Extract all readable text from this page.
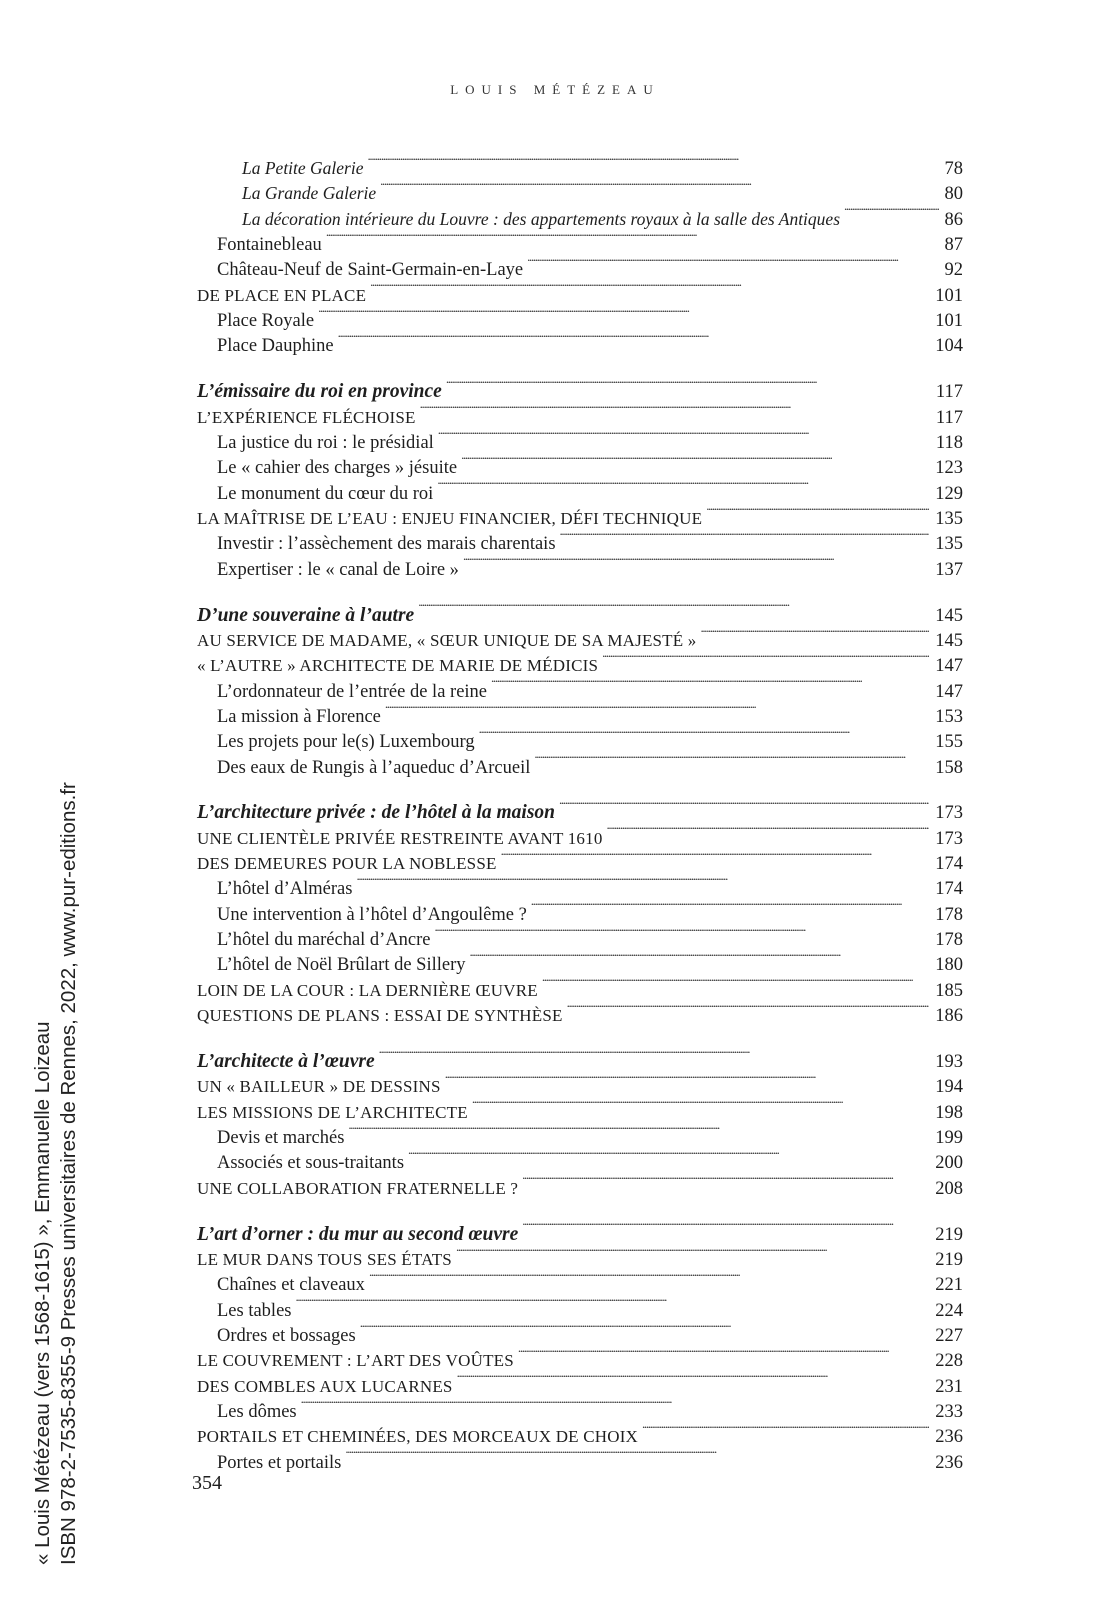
LOUIS MÉTÉZEAU
La Petite Galerie . . .	78
La Grande Galerie . . .	80
La décoration intérieure du Louvre : des appartements royaux à la salle des Antiques . . .	86
Fontainebleau . . .	87
Château-Neuf de Saint-Germain-en-Laye . . .	92
DE PLACE EN PLACE . . .	101
Place Royale . . .	101
Place Dauphine . . .	104
L’émissaire du roi en province . . .	117
L’EXPÉRIENCE FLÉCHOISE . . .	117
La justice du roi : le présidial . . .	118
Le « cahier des charges » jésuite . . .	123
Le monument du cœur du roi . . .	129
LA MAÎTRISE DE L’EAU : ENJEU FINANCIER, DÉFI TECHNIQUE . . .	135
Investir : l’assèchement des marais charentais . . .	135
Expertiser : le « canal de Loire » . . .	137
D’une souveraine à l’autre . . .	145
AU SERVICE DE MADAME, « SŒUR UNIQUE DE SA MAJESTÉ » . . .	145
« L’AUTRE » ARCHITECTE DE MARIE DE MÉDICIS . . .	147
L’ordonnateur de l’entrée de la reine . . .	147
La mission à Florence . . .	153
Les projets pour le(s) Luxembourg . . .	155
Des eaux de Rungis à l’aqueduc d’Arcueil . . .	158
L’architecture privée : de l’hôtel à la maison . . .	173
UNE CLIENTÈLE PRIVÉE RESTREINTE AVANT 1610 . . .	173
DES DEMEURES POUR LA NOBLESSE . . .	174
L’hôtel d’Alméras . . .	174
Une intervention à l’hôtel d’Angoulême ? . . .	178
L’hôtel du maréchal d’Ancre . . .	178
L’hôtel de Noël Brûlart de Sillery . . .	180
LOIN DE LA COUR : LA DERNIÈRE ŒUVRE . . .	185
QUESTIONS DE PLANS : ESSAI DE SYNTHÈSE . . .	186
L’architecte à l’œuvre . . .	193
UN « BAILLEUR » DE DESSINS . . .	194
LES MISSIONS DE L’ARCHITECTE . . .	198
Devis et marchés . . .	199
Associés et sous-traitants . . .	200
UNE COLLABORATION FRATERNELLE ? . . .	208
L’art d’orner : du mur au second œuvre . . .	219
LE MUR DANS TOUS SES ÉTATS . . .	219
Chaînes et claveaux . . .	221
Les tables . . .	224
Ordres et bossages . . .	227
LE COUVREMENT : L’ART DES VOÛTES . . .	228
DES COMBLES AUX LUCARNES . . .	231
Les dômes . . .	233
PORTAILS ET CHEMINÉES, DES MORCEAUX DE CHOIX . . .	236
Portes et portails . . .	236
354
« Louis Métézeau (vers 1568-1615) », Emmanuelle Loizeau ISBN 978-2-7535-8355-9 Presses universitaires de Rennes, 2022, www.pur-editions.fr
